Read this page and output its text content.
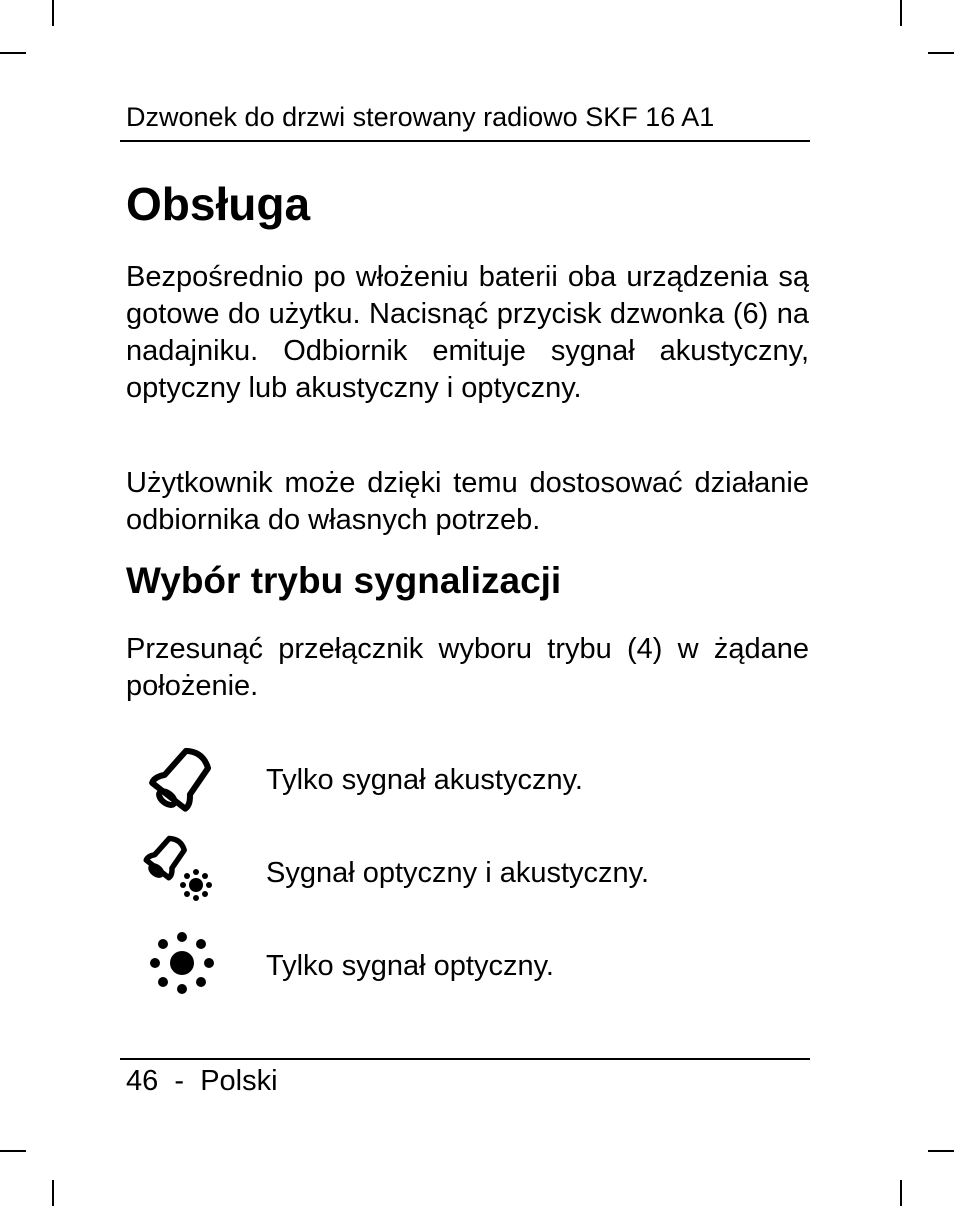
Dzwonek do drzwi sterowany radiowo SKF 16 A1
Obsługa

Bezpośrednio po włożeniu baterii oba urządzenia są gotowe do użytku. Nacisnąć przycisk dzwonka (6) na nadajniku. Odbiornik emituje sygnał akustyczny, optyczny lub akustyczny i optyczny.

Użytkownik może dzięki temu dostosować działanie odbiornika do własnych potrzeb.

Wybór trybu sygnalizacji

Przesunąć przełącznik wyboru trybu (4) w żądane położenie.

Tylko sygnał akustyczny.
Sygnał optyczny i akustyczny.
Tylko sygnał optyczny.
46 - Polski
